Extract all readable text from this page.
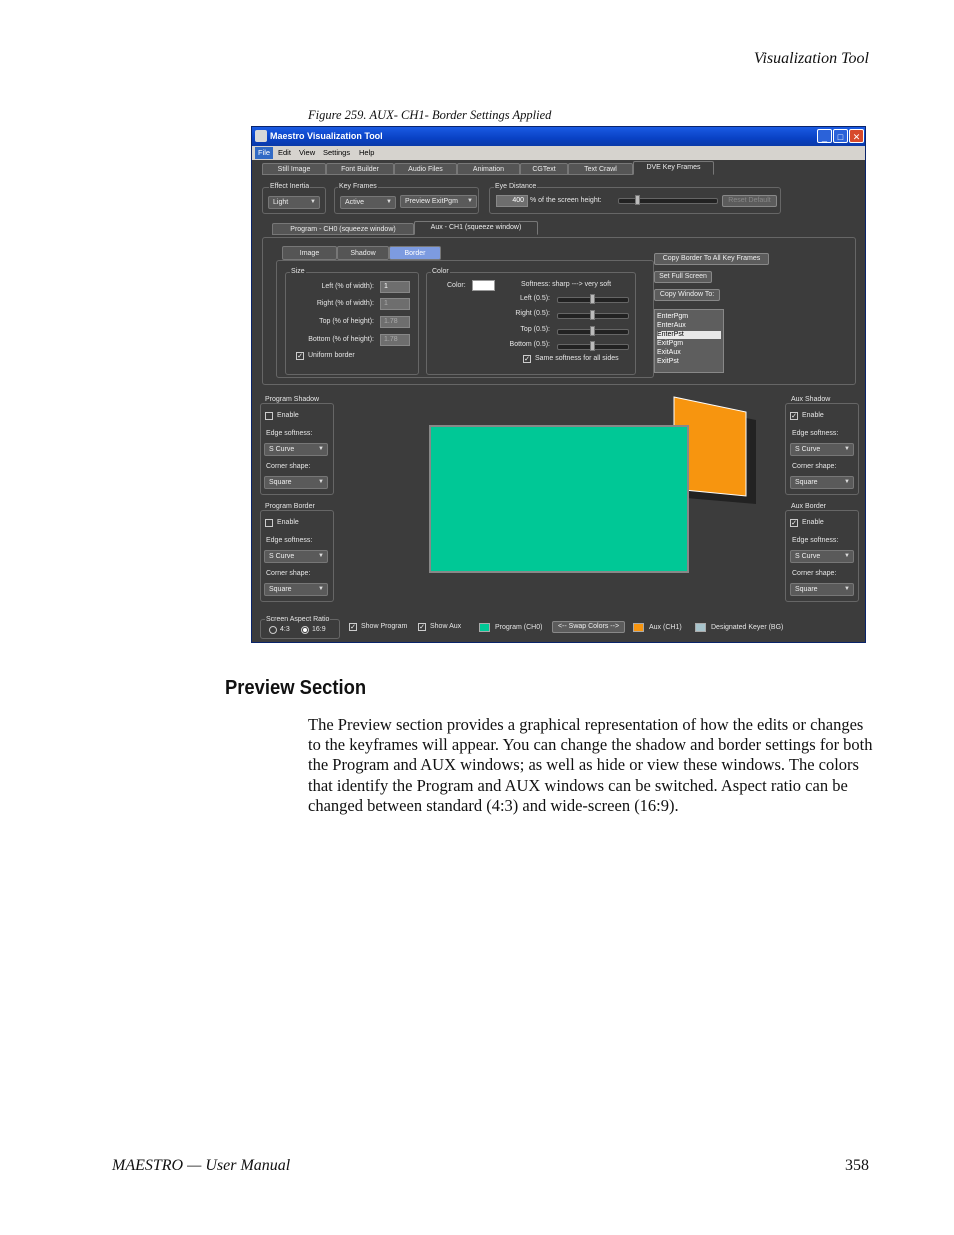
Visualization Tool
Figure 259. AUX- CH1- Border Settings Applied
Maestro Visualization Tool	_	□	✕
File	Edit View Settings Help
Still Image	Font Builder	Audio Files	Animation	CGText	Text Crawl	DVE Key Frames
Effect Inertia
Light ▼
Key Frames
Active ▼	Preview ExitPgm ▼
Eye Distance
400 % of the screen height:	Reset Default
Program - CH0 (squeeze window)	Aux - CH1 (squeeze window)
Image	Shadow	Border
Size
Left (% of width):	1
Right (% of width):	1
Top (% of height):	1.78
Bottom (% of height):	1.78
✓ Uniform border
Color
Color:	Softness: sharp ---> very soft
Left (0.5):
Right (0.5):
Top (0.5):
Bottom (0.5):
✓ Same softness for all sides
Copy Border To All Key Frames
Set Full Screen
Copy Window To:
EnterPgm
EnterAux
EnterPst
ExitPgm
ExitAux
ExitPst
Program Shadow
Enable
Edge softness:
S Curve ▼
Corner shape:
Square ▼
Program Border
Enable
Edge softness:
S Curve ▼
Corner shape:
Square ▼
Aux Shadow
✓ Enable
Edge softness:
S Curve ▼
Corner shape:
Square ▼
Aux Border
✓ Enable
Edge softness:
S Curve ▼
Corner shape:
Square ▼
Screen Aspect Ratio
4:3	16:9	✓ Show Program ✓ Show Aux	Program (CH0)	<-- Swap Colors -->	Aux (CH1)	Designated Keyer (BG)
Preview Section
The Preview section provides a graphical representation of how the edits or changes to the keyframes will appear. You can change the shadow and border settings for both the Program and AUX windows; as well as hide or view these windows. The colors that identify the Program and AUX windows can be switched. Aspect ratio can be changed between standard (4:3) and wide-screen (16:9).
MAESTRO — User Manual	358
